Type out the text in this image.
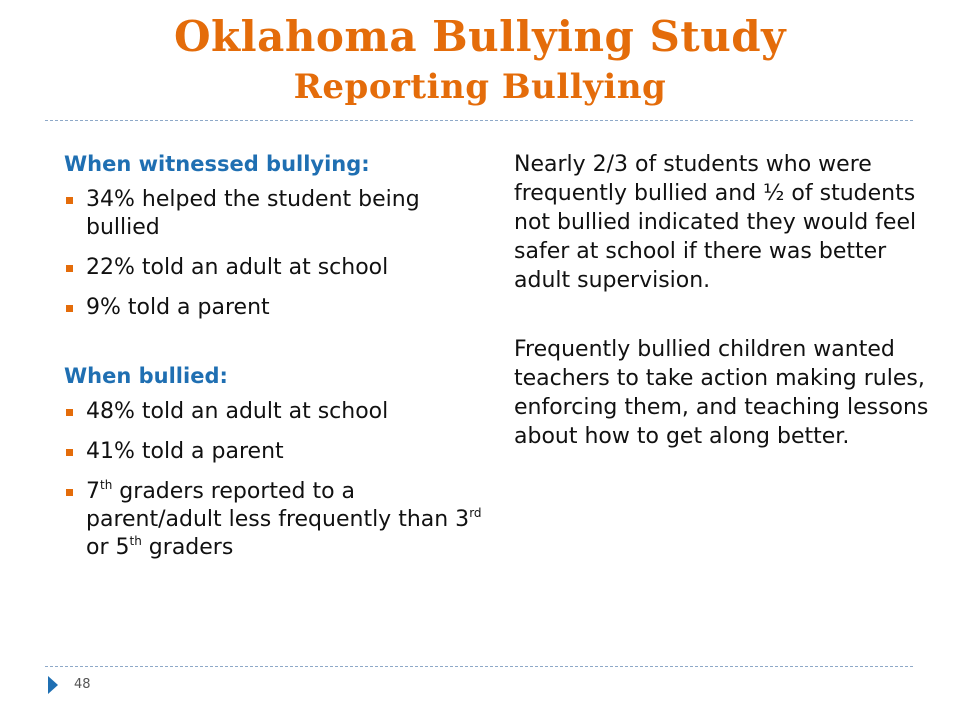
Oklahoma Bullying Study
Reporting Bullying
When witnessed bullying:
34% helped the student being bullied
22% told an adult at school
9% told a parent
When bullied:
48% told an adult at school
41% told a parent
7th graders reported to a parent/adult less frequently than 3rd or 5th graders

Nearly 2/3 of students who were frequently bullied and ½ of students not bullied indicated they would feel safer at school if there was better adult supervision.

Frequently bullied children wanted teachers to take action making rules, enforcing them, and teaching lessons about how to get along better.

48
